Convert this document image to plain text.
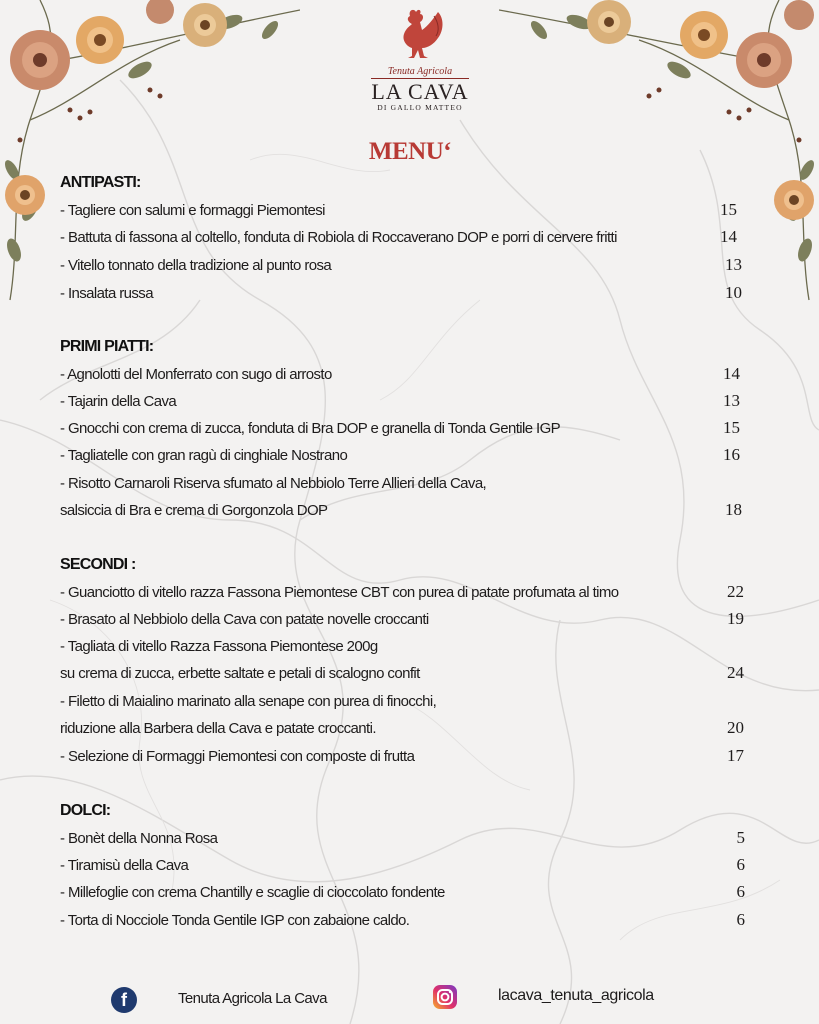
Tenuta Agricola
LA CAVA
DI GALLO MATTEO
MENU‘
ANTIPASTI:
- Tagliere con salumi e formaggi Piemontesi	15
- Battuta di fassona al coltello, fonduta di Robiola di Roccaverano DOP e porri di cervere fritti	14
- Vitello tonnato della tradizione al punto rosa	13
- Insalata russa	10
PRIMI PIATTI:
- Agnolotti del Monferrato con sugo di arrosto	14
- Tajarin della Cava	13
- Gnocchi con crema di zucca, fonduta di Bra DOP e granella di Tonda Gentile IGP	15
- Tagliatelle con gran ragù di cinghiale Nostrano	16
- Risotto Carnaroli Riserva sfumato al Nebbiolo Terre Allieri della Cava,
salsiccia di Bra e crema di Gorgonzola DOP	18
SECONDI :
- Guanciotto di vitello razza Fassona Piemontese CBT con purea di patate profumata al timo	22
- Brasato al Nebbiolo della Cava con patate novelle croccanti	19
- Tagliata di vitello Razza Fassona Piemontese 200g
su crema di zucca, erbette saltate e petali di scalogno confit	24
- Filetto di Maialino marinato alla senape con purea di finocchi,
riduzione alla Barbera della Cava e patate croccanti.	20
- Selezione di Formaggi Piemontesi con composte di frutta	17
DOLCI:
- Bonèt della Nonna Rosa	5
- Tiramisù della Cava	6
- Millefoglie con crema Chantilly e scaglie di cioccolato fondente	6
- Torta di Nocciole Tonda Gentile IGP con zabaione caldo.	6
f	Tenuta Agricola La Cava	lacava_tenuta_agricola
